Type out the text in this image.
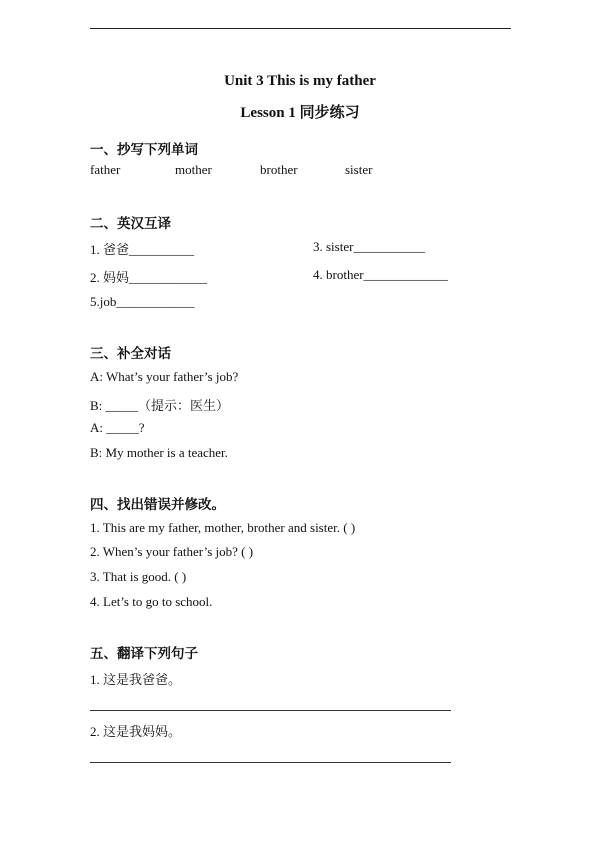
Unit 3 This is my father
Lesson 1 同步练习
一、抄写下列单词
father	mother	brother	sister
二、英汉互译
1. 爸爸__________	3. sister___________
2. 妈妈____________	4. brother_____________
5.job____________
三、补全对话
A: What’s your father’s job?
B: _____（提示：医生）
A: _____?
B: My mother is a teacher.
四、找出错误并修改。
1. This are my father, mother, brother and sister. ( )
2. When’s your father’s job? ( )
3. That is good. ( )
4. Let’s to go to school.
五、翻译下列句子
1. 这是我爸爸。
2. 这是我妈妈。
